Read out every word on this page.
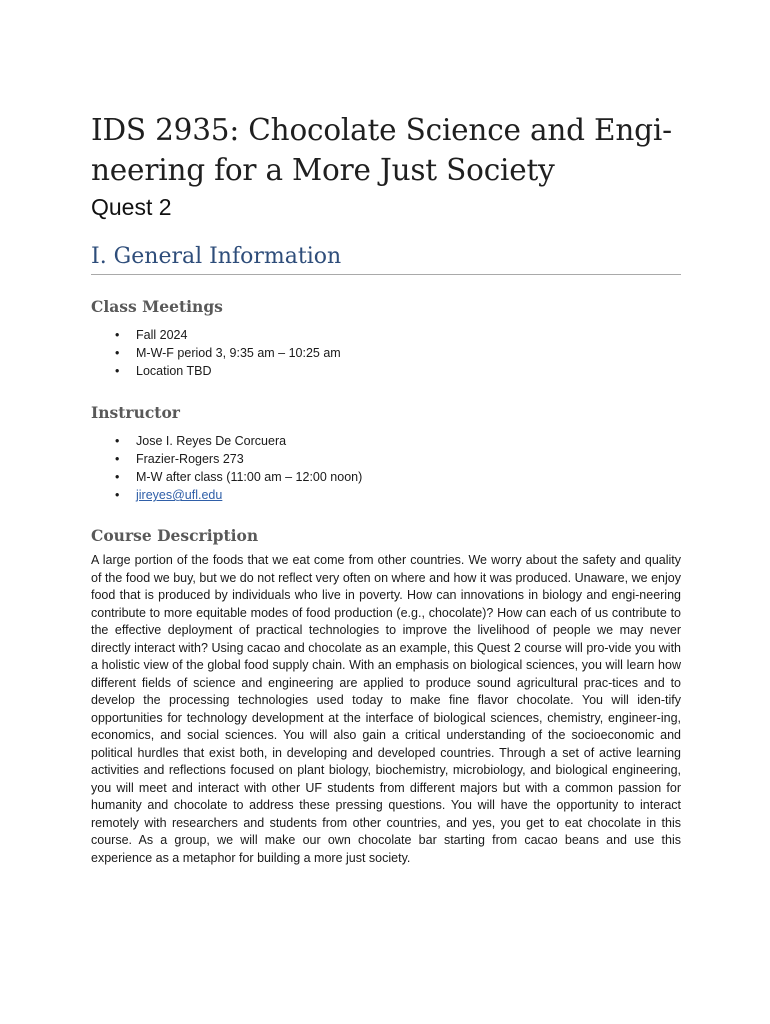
IDS 2935: Chocolate Science and Engi-
neering for a More Just Society
Quest 2
I. General Information
Class Meetings
• Fall 2024
• M-W-F period 3, 9:35 am – 10:25 am
• Location TBD
Instructor
• Jose I. Reyes De Corcuera
• Frazier-Rogers 273
• M-W after class (11:00 am – 12:00 noon)
• jireyes@ufl.edu
Course Description

A large portion of the foods that we eat come from other countries. We worry about the safety and quality of the food we buy, but we do not reflect very often on where and how it was produced. Unaware, we enjoy food that is produced by individuals who live in poverty. How can innovations in biology and engi-neering contribute to more equitable modes of food production (e.g., chocolate)? How can each of us contribute to the effective deployment of practical technologies to improve the livelihood of people we may never directly interact with? Using cacao and chocolate as an example, this Quest 2 course will pro-vide you with a holistic view of the global food supply chain. With an emphasis on biological sciences, you will learn how different fields of science and engineering are applied to produce sound agricultural prac-tices and to develop the processing technologies used today to make fine flavor chocolate. You will iden-tify opportunities for technology development at the interface of biological sciences, chemistry, engineer-ing, economics, and social sciences. You will also gain a critical understanding of the socioeconomic and political hurdles that exist both, in developing and developed countries. Through a set of active learning activities and reflections focused on plant biology, biochemistry, microbiology, and biological engineering, you will meet and interact with other UF students from different majors but with a common passion for humanity and chocolate to address these pressing questions. You will have the opportunity to interact remotely with researchers and students from other countries, and yes, you get to eat chocolate in this course. As a group, we will make our own chocolate bar starting from cacao beans and use this experience as a metaphor for building a more just society.
